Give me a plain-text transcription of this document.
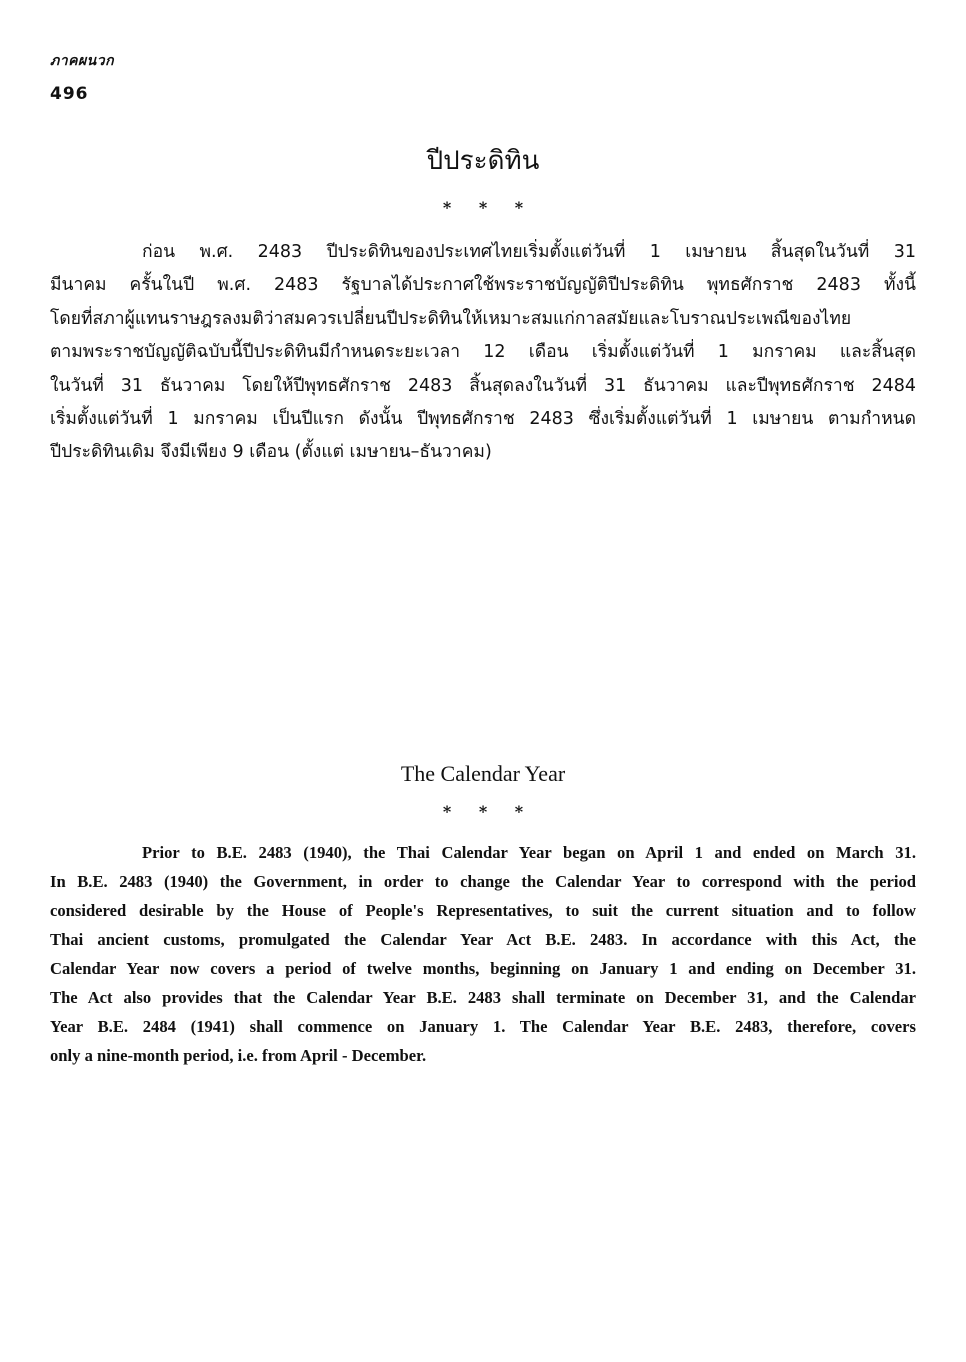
ภาคผนวก
496
ปีประดิทิน
* * *
ก่อน พ.ศ. 2483 ปีประดิทินของประเทศไทยเริ่มตั้งแต่วันที่ 1 เมษายน สิ้นสุดในวันที่ 31
มีนาคม ครั้นในปี พ.ศ. 2483 รัฐบาลได้ประกาศใช้พระราชบัญญัติปีประดิทิน พุทธศักราช 2483 ทั้งนี้
โดยที่สภาผู้แทนราษฎรลงมติว่าสมควรเปลี่ยนปีประดิทินให้เหมาะสมแก่กาลสมัยและโบราณประเพณีของไทย
ตามพระราชบัญญัติฉบับนี้ปีประดิทินมีกำหนดระยะเวลา 12 เดือน เริ่มตั้งแต่วันที่ 1 มกราคม และสิ้นสุด
ในวันที่ 31 ธันวาคม โดยให้ปีพุทธศักราช 2483 สิ้นสุดลงในวันที่ 31 ธันวาคม และปีพุทธศักราช 2484
เริ่มตั้งแต่วันที่ 1 มกราคม เป็นปีแรก ดังนั้น ปีพุทธศักราช 2483 ซึ่งเริ่มตั้งแต่วันที่ 1 เมษายน ตามกำหนด
ปีประดิทินเดิม จึงมีเพียง 9 เดือน (ตั้งแต่ เมษายน–ธันวาคม)
The Calendar Year
* * *
Prior to B.E. 2483 (1940), the Thai Calendar Year began on April 1 and ended on March 31.
In B.E. 2483 (1940) the Government, in order to change the Calendar Year to correspond with the period
considered desirable by the House of People's Representatives, to suit the current situation and to follow
Thai ancient customs, promulgated the Calendar Year Act B.E. 2483. In accordance with this Act, the
Calendar Year now covers a period of twelve months, beginning on January 1 and ending on December 31.
The Act also provides that the Calendar Year B.E. 2483 shall terminate on December 31, and the Calendar
Year B.E. 2484 (1941) shall commence on January 1. The Calendar Year B.E. 2483, therefore, covers
only a nine-month period, i.e. from April - December.
